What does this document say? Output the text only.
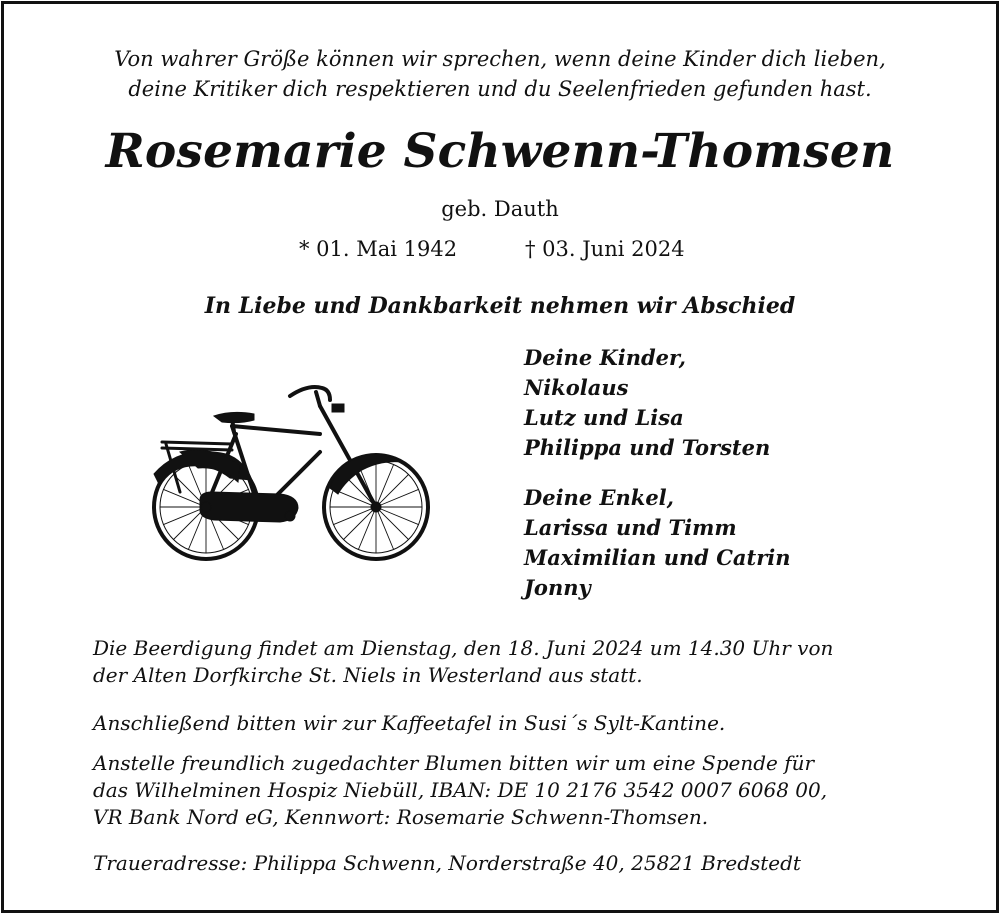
Von wahrer Größe können wir sprechen, wenn deine Kinder dich lieben,
deine Kritiker dich respektieren und du Seelenfrieden gefunden hast.
Rosemarie Schwenn-Thomsen
geb. Dauth
* 01. Mai 1942	† 03. Juni 2024
In Liebe und Dankbarkeit nehmen wir Abschied
Deine Kinder,
Nikolaus
Lutz und Lisa
Philippa und Torsten
Deine Enkel,
Larissa und Timm
Maximilian und Catrin
Jonny
Die Beerdigung findet am Dienstag, den 18. Juni 2024 um 14.30 Uhr von
der Alten Dorfkirche St. Niels in Westerland aus statt.
Anschließend bitten wir zur Kaffeetafel in Susi´s Sylt-Kantine.
Anstelle freundlich zugedachter Blumen bitten wir um eine Spende für
das Wilhelminen Hospiz Niebüll, IBAN: DE 10 2176 3542 0007 6068 00,
VR Bank Nord eG, Kennwort: Rosemarie Schwenn-Thomsen.
Traueradresse: Philippa Schwenn, Norderstraße 40, 25821 Bredstedt
